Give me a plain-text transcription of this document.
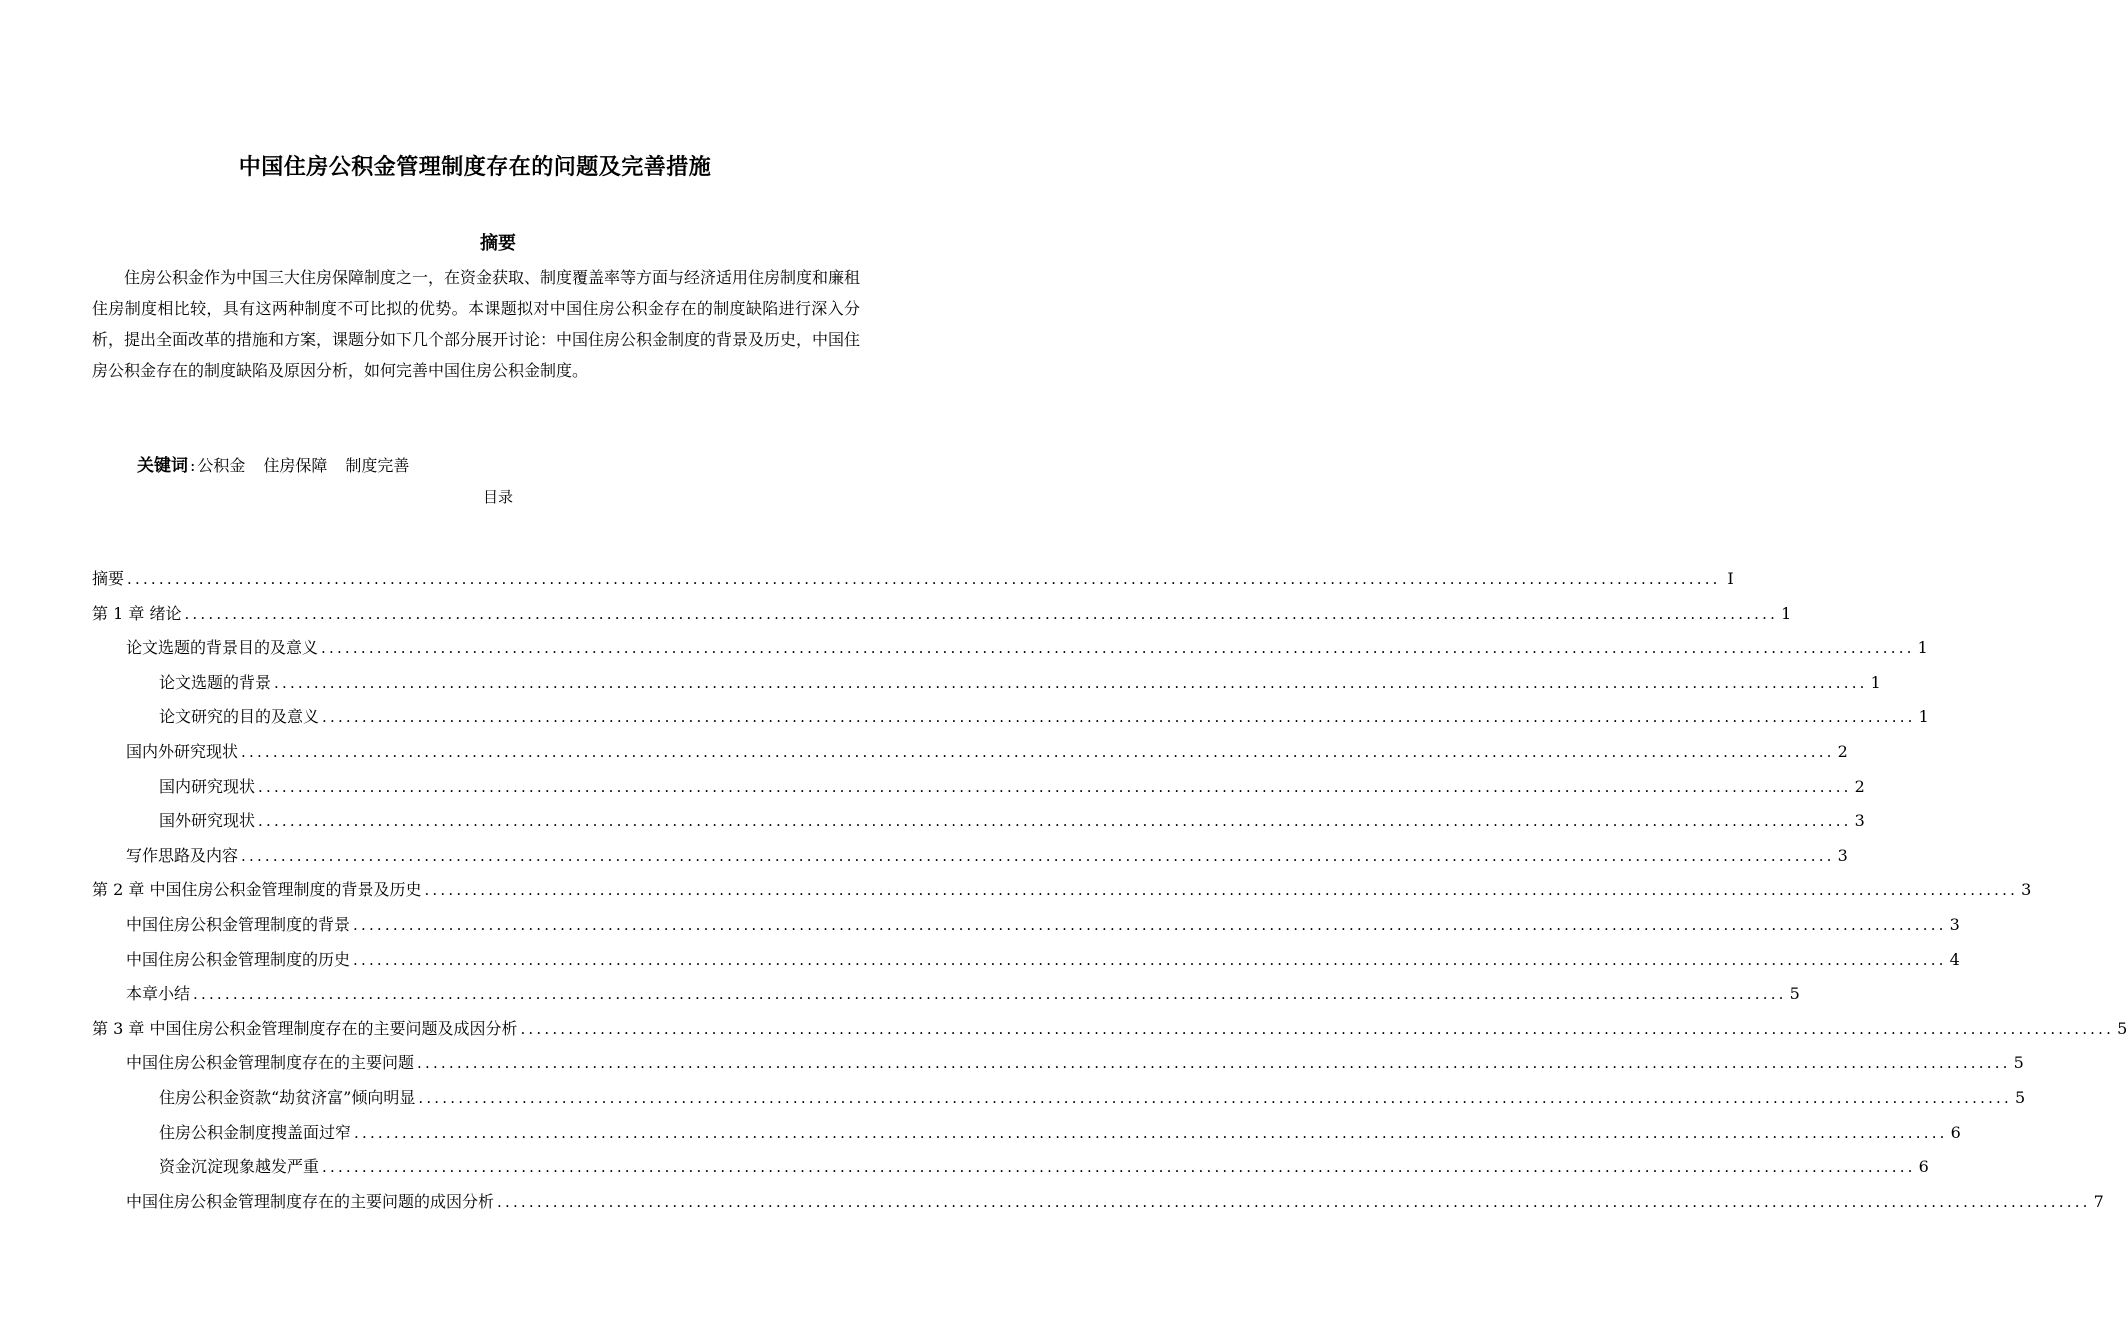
中国住房公积金管理制度存在的问题及完善措施
摘要
住房公积金作为中国三大住房保障制度之一，在资金获取、制度覆盖率等方面与经济适用住房制度和廉租住房制度相比较，具有这两种制度不可比拟的优势。本课题拟对中国住房公积金存在的制度缺陷进行深入分析，提出全面改革的措施和方案，课题分如下几个部分展开讨论：中国住房公积金制度的背景及历史，中国住房公积金存在的制度缺陷及原因分析，如何完善中国住房公积金制度。
关键词 : 公积金 住房保障 制度完善
目录
摘要 ........................................................................................................................................................................................................ I
第 1 章 绪论 ........................................................................................................................................................................................................ 1
论文选题的背景目的及意义 ........................................................................................................................................................................................................ 1
论文选题的背景 ........................................................................................................................................................................................................ 1
论文研究的目的及意义 ........................................................................................................................................................................................................ 1
国内外研究现状 ........................................................................................................................................................................................................ 2
国内研究现状 ........................................................................................................................................................................................................ 2
国外研究现状 ........................................................................................................................................................................................................ 3
写作思路及内容 ........................................................................................................................................................................................................ 3
第 2 章 中国住房公积金管理制度的背景及历史 ........................................................................................................................................................................................................ 3
中国住房公积金管理制度的背景 ........................................................................................................................................................................................................ 3
中国住房公积金管理制度的历史 ........................................................................................................................................................................................................ 4
本章小结 ........................................................................................................................................................................................................ 5
第 3 章 中国住房公积金管理制度存在的主要问题及成因分析 ........................................................................................................................................................................................................ 5
中国住房公积金管理制度存在的主要问题 ........................................................................................................................................................................................................ 5
住房公积金资款“劫贫济富”倾向明显 ........................................................................................................................................................................................................ 5
住房公积金制度搜盖面过窄 ........................................................................................................................................................................................................ 6
资金沉淀现象越发严重 ........................................................................................................................................................................................................ 6
中国住房公积金管理制度存在的主要问题的成因分析 ........................................................................................................................................................................................................ 7
